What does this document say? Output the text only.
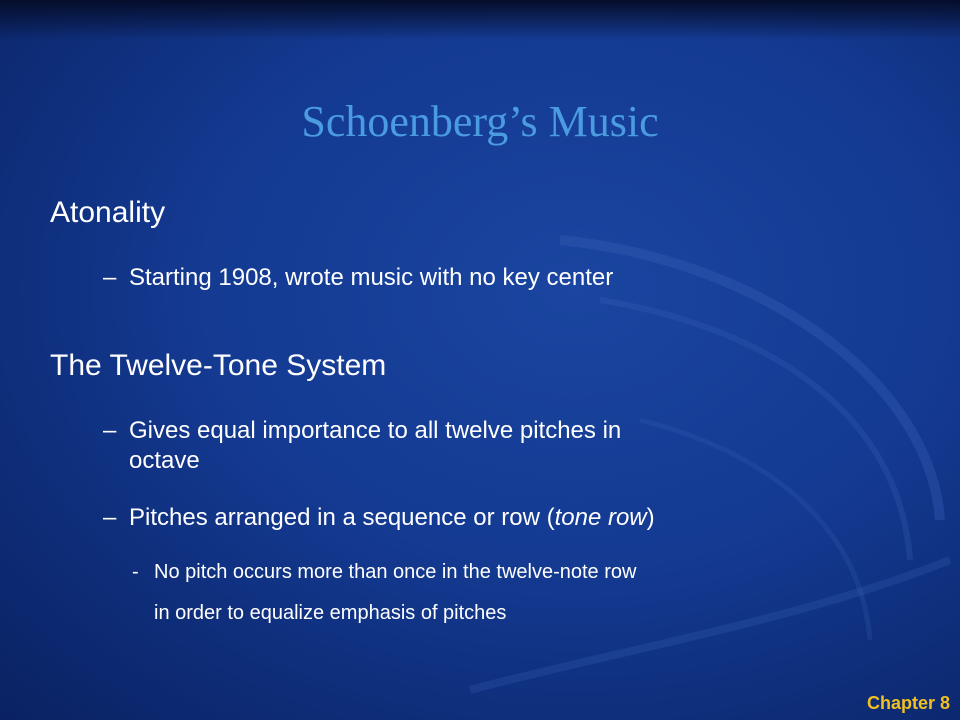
Schoenberg’s Music
Atonality
– Starting 1908, wrote music with no key center
The Twelve-Tone System
– Gives equal importance to all twelve pitches in
octave
– Pitches arranged in a sequence or row (tone row)
- No pitch occurs more than once in the twelve-note row
in order to equalize emphasis of pitches
Chapter 8
